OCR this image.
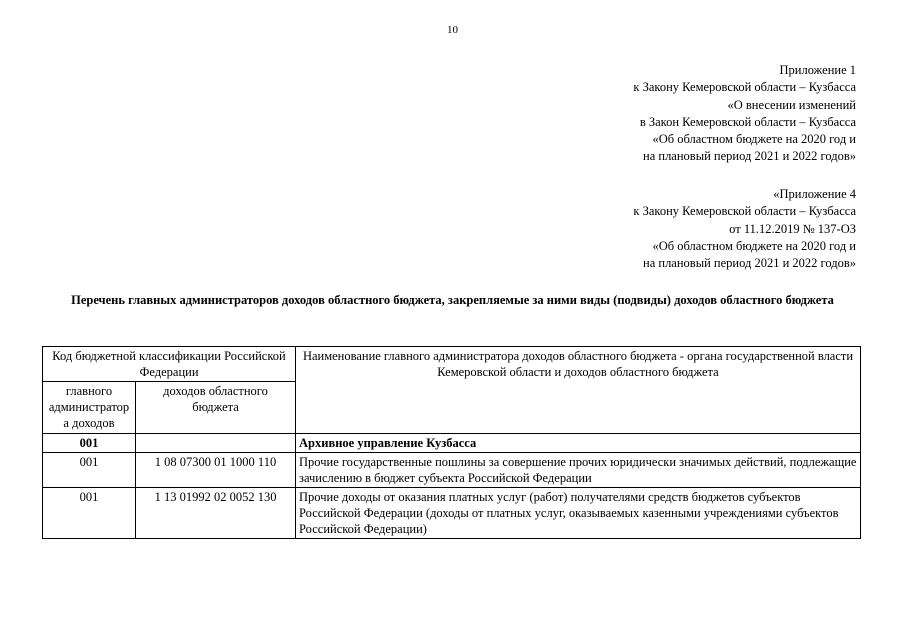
10
Приложение 1
к Закону Кемеровской области – Кузбасса
«О внесении изменений
в Закон Кемеровской области – Кузбасса
«Об областном бюджете на 2020 год и
на плановый период 2021 и 2022 годов»
«Приложение 4
к Закону Кемеровской области – Кузбасса
от 11.12.2019 № 137-ОЗ
«Об областном бюджете на 2020 год и
на плановый период 2021 и 2022 годов»
Перечень главных администраторов доходов областного бюджета, закрепляемые за ними виды (подвиды) доходов областного бюджета
Код бюджетной классификации Российской Федерации		Наименование главного администратора доходов областного бюджета - органа государственной власти Кемеровской области и доходов областного бюджета
главного администратор а доходов	доходов областного бюджета	
001		Архивное управление Кузбасса
001	1 08 07300 01 1000 110	Прочие государственные пошлины за совершение прочих юридически значимых действий, подлежащие зачислению в бюджет субъекта Российской Федерации
001	1 13 01992 02 0052 130	Прочие доходы от оказания платных услуг (работ) получателями средств бюджетов субъектов Российской Федерации (доходы от платных услуг, оказываемых казенными учреждениями субъектов Российской Федерации)
